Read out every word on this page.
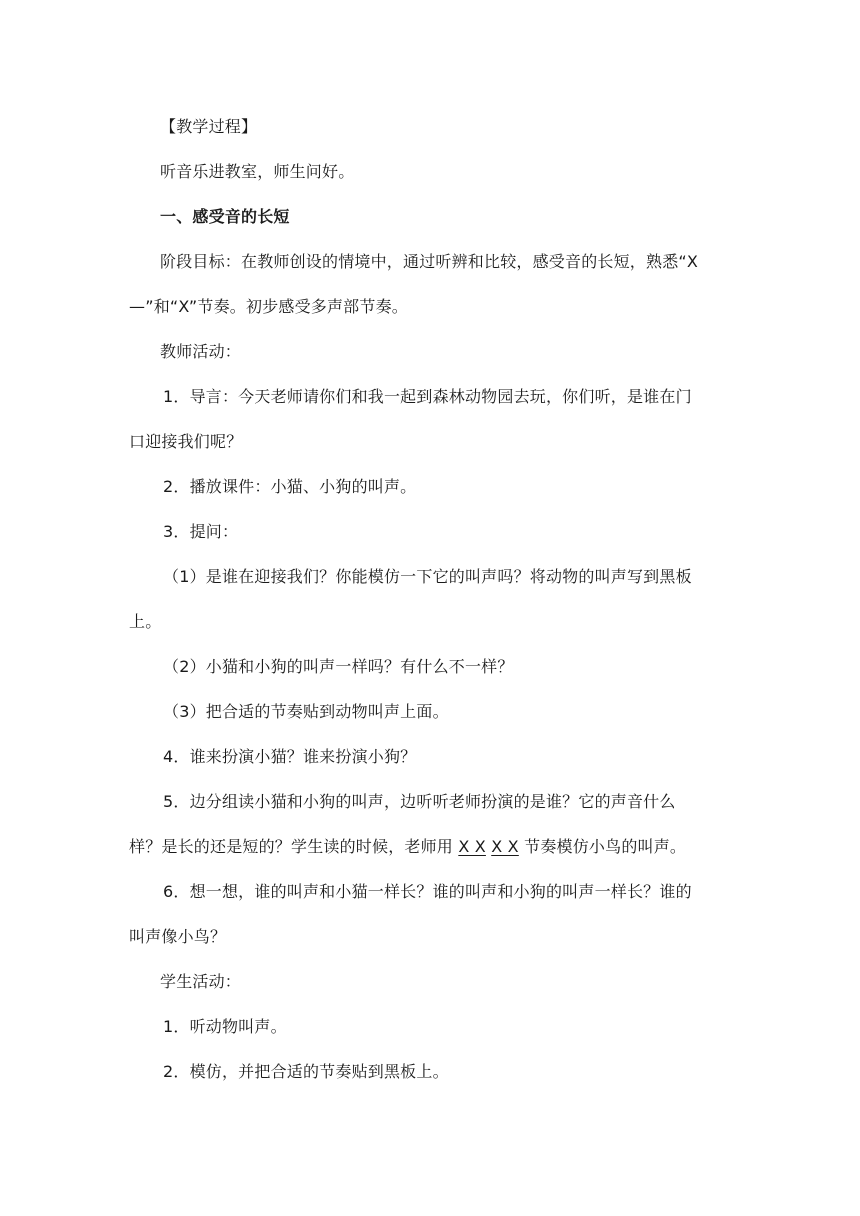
【教学过程】
听音乐进教室，师生问好。
一、感受音的长短
阶段目标：在教师创设的情境中，通过听辨和比较，感受音的长短，熟悉“X
—”和“X”节奏。初步感受多声部节奏。
教师活动：
1．导言：今天老师请你们和我一起到森林动物园去玩，你们听，是谁在门
口迎接我们呢？
2．播放课件：小猫、小狗的叫声。
3．提问：
（1）是谁在迎接我们？你能模仿一下它的叫声吗？将动物的叫声写到黑板
上。
（2）小猫和小狗的叫声一样吗？有什么不一样？
（3）把合适的节奏贴到动物叫声上面。
4．谁来扮演小猫？谁来扮演小狗？
5．边分组读小猫和小狗的叫声，边听听老师扮演的是谁？它的声音什么
样？是长的还是短的？学生读的时候，老师用 X X X X 节奏模仿小鸟的叫声。
6．想一想，谁的叫声和小猫一样长？谁的叫声和小狗的叫声一样长？谁的
叫声像小鸟？
学生活动：
1．听动物叫声。
2．模仿，并把合适的节奏贴到黑板上。
